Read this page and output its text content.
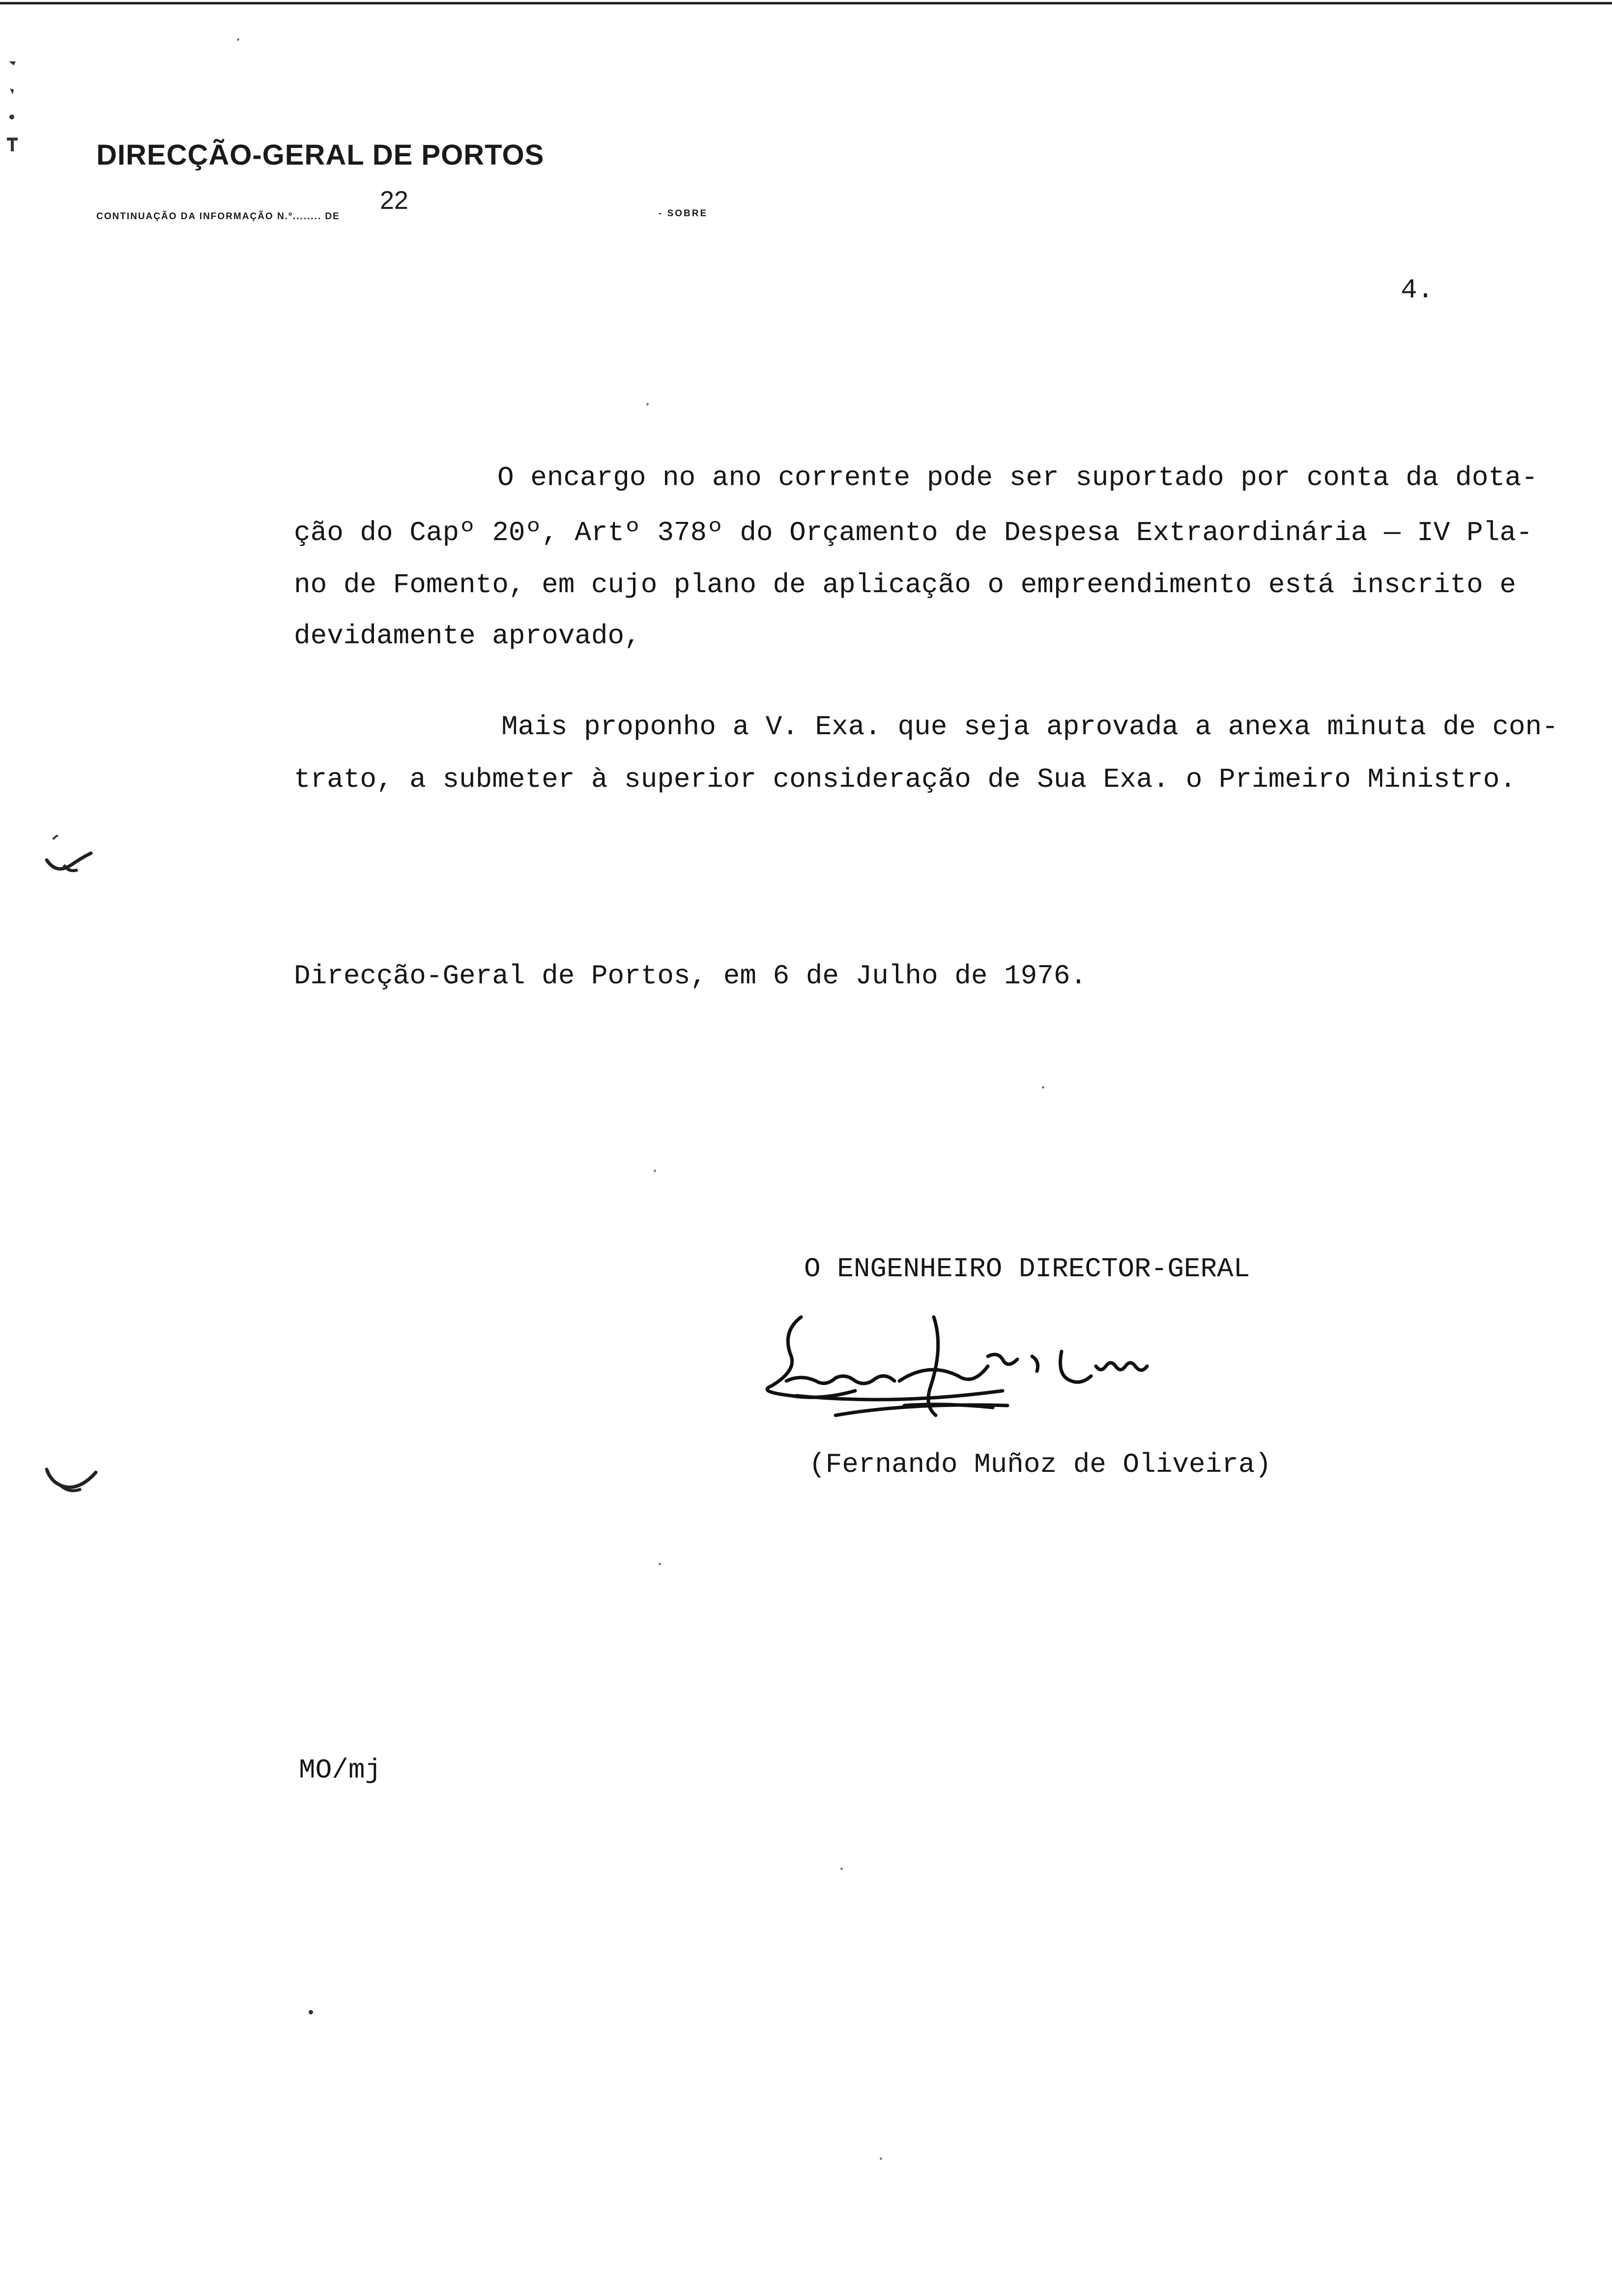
DIRECÇÃO-GERAL DE PORTOS
22
CONTINUAÇÃO DA INFORMAÇÃO N.º........ DE	- SOBRE
4.
O encargo no ano corrente pode ser suportado por conta da dota-
ção do Capº 20º, Artº 378º do Orçamento de Despesa Extraordinária — IV Pla-
no de Fomento, em cujo plano de aplicação o empreendimento está inscrito e
devidamente aprovado,
Mais proponho a V. Exa. que seja aprovada a anexa minuta de con-
trato, a submeter à superior consideração de Sua Exa. o Primeiro Ministro.
Direcção-Geral de Portos, em 6 de Julho de 1976.
O ENGENHEIRO DIRECTOR-GERAL
(Fernando Muñoz de Oliveira)
MO/mj
